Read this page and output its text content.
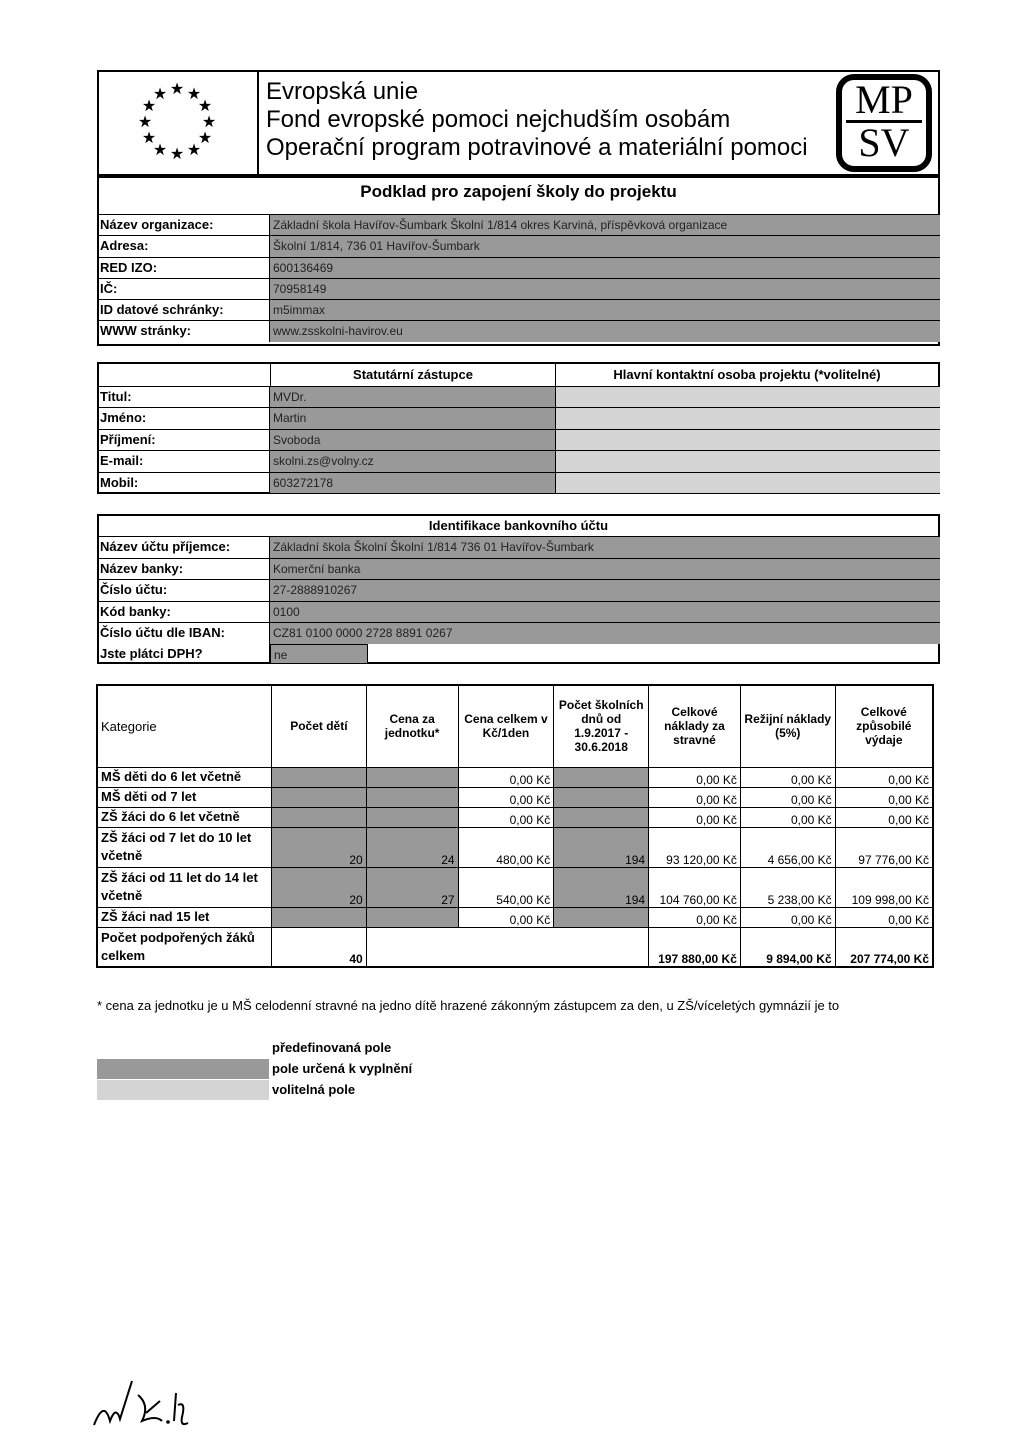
★ ★
★
★
★
★
★
★
★
★
★
★	Evropská unie
Fond evropské pomoci nejchudším osobám
Operační program potravinové a materiální pomoci
MP
SV
Podklad pro zapojení školy do projektu
Název organizace:	Základní škola Havířov-Šumbark Školní 1/814 okres Karviná, příspěvková organizace
Adresa:	Školní 1/814, 736 01 Havířov-Šumbark
RED IZO:	600136469
IČ:	70958149
ID datové schránky:	m5immax
WWW stránky:	www.zsskolni-havirov.eu
Statutární zástupce	Hlavní kontaktní osoba projektu (*volitelné)
Titul:	MVDr.
Jméno:	Martin
Příjmení:	Svoboda
E-mail:	skolni.zs@volny.cz
Mobil:	603272178
Identifikace bankovního účtu
Název účtu příjemce:	Základní škola Školní Školní 1/814 736 01 Havířov-Šumbark
Název banky:	Komerční banka
Číslo účtu:	27-2888910267
Kód banky:	0100
Číslo účtu dle IBAN:	CZ81 0100 0000 2728 8891 0267
Jste plátci DPH?	ne
Kategorie	Počet dětí	Cena za jednotku*	Cena celkem v Kč/1den	Počet školních dnů od 1.9.2017 - 30.6.2018	Celkové náklady za stravné	Režijní náklady (5%)	Celkové způsobilé výdaje
MŠ děti do 6 let včetně			0,00 Kč		0,00 Kč	0,00 Kč	0,00 Kč
MŠ děti od 7 let			0,00 Kč		0,00 Kč	0,00 Kč	0,00 Kč
ZŠ žáci do 6 let včetně			0,00 Kč		0,00 Kč	0,00 Kč	0,00 Kč
ZŠ žáci od 7 let do 10 let včetně	20	24	480,00 Kč	194	93 120,00 Kč	4 656,00 Kč	97 776,00 Kč
ZŠ žáci od 11 let do 14 let včetně	20	27	540,00 Kč	194	104 760,00 Kč	5 238,00 Kč	109 998,00 Kč
ZŠ žáci nad 15 let			0,00 Kč		0,00 Kč	0,00 Kč	0,00 Kč
Počet podpořených žáků celkem	40				197 880,00 Kč	9 894,00 Kč	207 774,00 Kč
* cena za jednotku je u MŠ celodenní stravné na jedno dítě hrazené zákonným zástupcem za den, u ZŠ/víceletých gymnázií je to
předefinovaná pole
pole určená k vyplnění
volitelná pole
